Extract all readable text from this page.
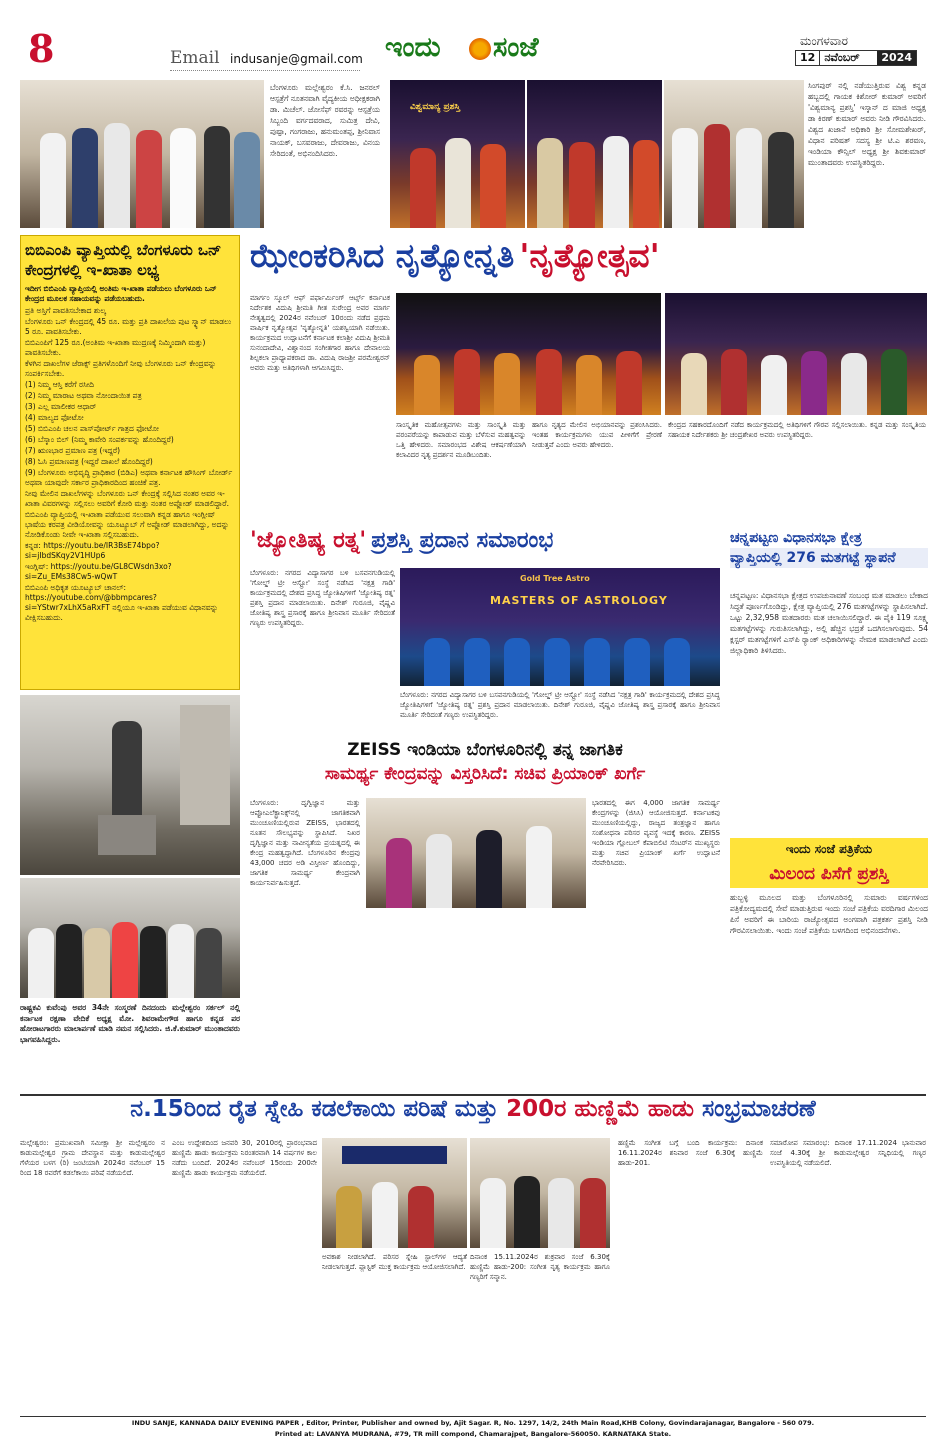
8	Email indusanje@gmail.com ಇಂದು ಸಂಜೆ	ಮಂಗಳವಾರ
12 ನವೆಂಬರ್	2024
ಬೆಂಗಳೂರು ಮಲ್ಲೇಶ್ವರಂ ಕೆ.ಸಿ. ಜನರಲ್ ಆಸ್ಪತ್ರೆಗೆ ನೂತನವಾಗಿ ವೈದ್ಯಕೀಯ ಅಧೀಕ್ಷಕರಾಗಿ ಡಾ. ಮಿಚೆಲ್. ಜೋಸೆಫ್ ರವರನ್ನು ಆಸ್ಪತ್ರೆಯ ಸಿಬ್ಬಂದಿ ವರ್ಗದವರಾದ, ಸುಮಿತ್ರ ದೇವಿ, ಪುಷ್ಪಾ, ಗಂಗರಾಜು, ಹನುಮಂತಪ್ಪ, ಶ್ರೀನಿವಾಸ ನಾಯಕ್, ಬಸವರಾಜು, ದೇವರಾಜು, ವಿನಯ ಸೇರಿದಂತೆ, ಅಭಿನಂದಿಸಿದರು.
ವಿಶ್ವಮಾನ್ಯ ಪ್ರಶಸ್ತಿ
ಸಿಂಗಪುರ್ ನಲ್ಲಿ ನಡೆಯುತ್ತಿರುವ ವಿಶ್ವ ಕನ್ನಡ ಹಬ್ಬದಲ್ಲಿ ಗಾಯಕ ಕಿಶೋರ್ ಕುಮಾರ್ ಅವರಿಗೆ 'ವಿಶ್ವಮಾನ್ಯ ಪ್ರಶಸ್ತಿ' ಇಸ್ಕಾನ್ ದ ಮಾಜಿ ಅಧ್ಯಕ್ಷ ಡಾ ಕಿರಣ್ ಕುಮಾರ್ ಅವರು ನೀಡಿ ಗೌರವಿಸಿದರು. ವಿಶ್ವದ ಖಜಾನೆ ಅಧಿಕಾರಿ ಶ್ರೀ ಸೋಮಶೇಖರ್, ವಿಧಾನ ಪರಿಷತ್ ಸದಸ್ಯ ಶ್ರೀ ಟಿ.ಎ ಶರವಣ, ಇಂಡಿಯಾ ಕೌನ್ಸಿಲ್ ಅಧ್ಯಕ್ಷ ಶ್ರೀ ಶಿವಕುಮಾರ್ ಮುಂತಾದವರು ಉಪಸ್ಥಿತರಿದ್ದರು.
ಬಿಬಿಎಂಪಿ ವ್ಯಾಪ್ತಿಯಲ್ಲಿ ಬೆಂಗಳೂರು ಒನ್ ಕೇಂದ್ರಗಳಲ್ಲಿ ಇ-ಖಾತಾ ಲಭ್ಯ
ಇದೀಗ ಬಿಬಿಎಂಪಿ ವ್ಯಾಪ್ತಿಯಲ್ಲಿ ಅಂತಿಮ ಇ-ಖಾತಾ ಪಡೆಯಲು ಬೆಂಗಳೂರು ಒನ್ ಕೇಂದ್ರದ ಮೂಲಕ ಸಹಾಯವನ್ನು ಪಡೆಯಬಹುದು.
ಪ್ರತಿ ಅಸ್ತಿಗೆ ಪಾವತಿಸಬೇಕಾದ ಶುಲ್ಕ
ಬೆಂಗಳೂರು ಒನ್ ಕೇಂದ್ರದಲ್ಲಿ 45 ರೂ. ಮತ್ತು ಪ್ರತಿ ದಾಖಲೆಯ ಪುಟ ಸ್ಕ್ಯಾನ್ ಮಾಡಲು 5 ರೂ. ಪಾವತಿಸಬೇಕು.
ಬಿಬಿಎಂಪಿಗೆ 125 ರೂ.(ಅಂತಿಮ ಇ-ಖಾತಾ ಮುದ್ರಣಕ್ಕೆ ನಿಮ್ಮಿಂದಾಗಿ ಮತ್ತು) ಪಾವತಿಸಬೇಕು.
ಕೆಳಗಿನ ದಾಖಲೆಗಳ ಜೆರಾಕ್ಸ್ ಪ್ರತಿಗಳೊಂದಿಗೆ ನೀವು ಬೆಂಗಳೂರು ಒನ್ ಕೇಂದ್ರವನ್ನು ಸಂಪರ್ಕಿಸಬೇಕು.
(1) ನಿಮ್ಮ ಆಸ್ತಿ ಕರೆಗೆ ರಸೀದಿ
(2) ನಿಮ್ಮ ಮಾರಾಟ ಅಥವಾ ನೋಂದಾಯಿತ ಪತ್ರ
(3) ಎಲ್ಲ ಮಾಲೀಕರ ಆಧಾರ್
(4) ಮಾಲ್ಯದ ಫೋಟೋ
(5) ಬಿಬಿಎಂಪಿ ಚಲನ ಪಾಸ್‌ಪೋರ್ಟ್ ಗಾತ್ರದ ಫೋಟೋ
(6) ಬೆಸ್ಕಾಂ ಬಿಲ್ (ನಿಮ್ಮ ಕಾವೇರಿ ಸಂಪರ್ಕವನ್ನು ಹೊಂದಿದ್ದರೆ)
(7) ಋಣಭಾರ ಪ್ರಮಾಣ ಪತ್ರ (ಇದ್ದರೆ)
(8) ಓಸಿ ಪ್ರಮಾಣಪತ್ರ (ಇದ್ದರೆ ದಾಖಲೆ ಹೊಂದಿದ್ದರೆ)
(9) ಬೆಂಗಳೂರು ಅಭಿವೃದ್ಧಿ ಪ್ರಾಧಿಕಾರ (ಬಿಡಿಎ) ಅಥವಾ ಕರ್ನಾಟಕ ಹೌಸಿಂಗ್ ಬೋರ್ಡ್ ಅಥವಾ ಯಾವುದೇ ಸರ್ಕಾರ ಪ್ರಾಧಿಕಾರದಿಂದ ಹಂಚಿಕೆ ಪತ್ರ.
ನೀವು ಮೇಲಿನ ದಾಖಲೆಗಳನ್ನು ಬೆಂಗಳೂರು ಒನ್ ಕೇಂದ್ರಕ್ಕೆ ಸಲ್ಲಿಸಿದ ನಂತರ ಅವರ ಇ-ಖಾತಾ ವಿವರಗಳನ್ನು ಸಲ್ಲಿಸಲು ಅವರಿಗೆ ಕೋರಿ ಮತ್ತು ನಂತರ ಅಪ್ಲೋಡ್ ಮಾಡಲಿದ್ದಾರೆ.
ಬಿಬಿಎಂಪಿ ವ್ಯಾಪ್ತಿಯಲ್ಲಿ ಇ-ಖಾತಾ ಪಡೆಯುವ ಸಲುವಾಗಿ ಕನ್ನಡ ಹಾಗೂ ಇಂಗ್ಲೀಷ್ ಭಾಷೆಯ ಕರಪತ್ರ ವೀಡಿಯೋವನ್ನು ಯೂಟ್ಯೂಬ್ ಗೆ ಅಪ್ಲೋಡ್ ಮಾಡಲಾಗಿದ್ದು, ಅದನ್ನು ನೋಡಿಕೊಂಡು ನೀವೇ ಇ-ಖಾತಾ ಸಲ್ಲಿಸಬಹುದು.
ಕನ್ನಡ: https://youtu.be/IR3BsE74bpo?si=jIbdSKqy2V1HUp6
ಇಂಗ್ಲಿಷ್: https://youtu.be/GL8CWsdn3xo?si=Zu_EMs38Cw5-wQwT
ಬಿಬಿಎಂಪಿ ಅಧಿಕೃತ ಯೂಟ್ಯೂಬ್ ಚಾನಲ್: https://youtube.com/@bbmpcares?si=YStwr7xLhX5aRxFT ನಲ್ಲಿಯೂ ಇ-ಖಾತಾ ಪಡೆಯುವ ವಿಧಾನವನ್ನು ವೀಕ್ಷಿಸಬಹುದು.
ಝೇಂಕರಿಸಿದ ನೃತ್ಯೋನ್ನತಿ 'ನೃತ್ಯೋತ್ಸವ'
ಮಾರ್ಗಂ ಸ್ಕೂಲ್ ಆಫ್ ಪರ್ಫಾರ್ಮಿಂಗ್ ಆರ್ಟ್ಸ್ ಕರ್ನಾಟಕ ನಿರ್ದೇಶಕ ವಿದುಷಿ ಶ್ರೀಮತಿ ಗೀತ ಸುರೇಂದ್ರ ಅವರ ಮಾರ್ಗ ನೇತೃತ್ವದಲ್ಲಿ 2024ರ ನವೆಂಬರ್ 10ರಂದು ನಡೆದ ಪ್ರಥಮ ವಾರ್ಷಿಕ ನೃತ್ಯೋತ್ಸವ 'ನೃತ್ಯೋನ್ನತಿ' ಯಶಸ್ವಿಯಾಗಿ ನಡೆಯಿತು. ಕಾರ್ಯಕ್ರಮದ ಉದ್ಘಾಟನೆಗೆ ಕರ್ನಾಟಕ ಕಲಾಶ್ರೀ ವಿದುಷಿ ಶ್ರೀಮತಿ ಸುನಂದಾದೇವಿ, ವಿಶ್ವಾನಂದ ಸಂಗೀತಗಾರ ಹಾಗೂ ದೇವಾಲಯ ಶಿಲ್ಪಕಲಾ ಪ್ರಾಧ್ಯಾಪಕರಾದ ಡಾ. ವಿದುಷಿ ರಾಜಶ್ರೀ ಪರಮೇಶ್ವರನ್ ಅವರು ಮತ್ತು ಅತಿಥಿಗಳಾಗಿ ಆಗಮಿಸಿದ್ದರು.
ಸಾಂಸ್ಕೃತಿಕ ಮಹೋತ್ಸವಗಳು ಮತ್ತು ಸಾಂಸ್ಕೃತಿ ಮತ್ತು ಪರಂಪರೆಯನ್ನು ಕಾಪಾಡುವ ಮತ್ತು ಬೆಳೆಸುವ ಮಹತ್ವವನ್ನು ಒತ್ತಿ ಹೇಳಿದರು. ಸಮಾರಂಭದ ವಿಶೇಷ ಆಕರ್ಷಣೆಯಾಗಿ ಕಲಾವಿದರ ನೃತ್ಯ ಪ್ರದರ್ಶನ ಮೂಡಿಬಂದಿತು.
ಹಾಗೂ ನೃತ್ಯದ ಮೇಲಿನ ಅಭಿಯಾನವನ್ನು ಪ್ರಶಂಸಿಸಿದರು. ಇಂತಹ ಕಾರ್ಯಕ್ರಮಗಳು ಯುವ ಪೀಳಿಗೆಗೆ ಪ್ರೇರಣೆ ನೀಡುತ್ತವೆ ಎಂದು ಅವರು ಹೇಳಿದರು.
ಕೇಂದ್ರದ ಸಹಕಾರದೊಂದಿಗೆ ನಡೆದ ಕಾರ್ಯಕ್ರಮದಲ್ಲಿ ಅತಿಥಿಗಳಿಗೆ ಗೌರವ ಸಲ್ಲಿಸಲಾಯಿತು. ಕನ್ನಡ ಮತ್ತು ಸಂಸ್ಕೃತಿಯ ಸಹಾಯಕ ನಿರ್ದೇಶಕರು ಶ್ರೀ ಚಂದ್ರಶೇಖರ ಅವರು ಉಪಸ್ಥಿತರಿದ್ದರು.
'ಜ್ಯೋತಿಷ್ಯ ರತ್ನ' ಪ್ರಶಸ್ತಿ ಪ್ರದಾನ ಸಮಾರಂಭ
ಬೆಂಗಳೂರು: ನಗರದ ವಿದ್ಯಾಸಾಗರ ಬಳಿ ಬಸವನಗುಡಿಯಲ್ಲಿ 'ಗೋಲ್ಡ್ ಟ್ರೀ ಆಸ್ಟ್ರೋ' ಸಂಸ್ಥೆ ನಡೆಸಿದ 'ನಕ್ಷತ್ರ ಗಾಡಿ' ಕಾರ್ಯಕ್ರಮದಲ್ಲಿ ದೇಶದ ಪ್ರಸಿದ್ಧ ಜ್ಯೋತಿಷಿಗಳಿಗೆ 'ಜ್ಯೋತಿಷ್ಯ ರತ್ನ' ಪ್ರಶಸ್ತಿ ಪ್ರದಾನ ಮಾಡಲಾಯಿತು. ದಿನೇಶ್ ಗುರೂಜಿ, ವೈಷ್ಣವಿ ಜೋತಿಷ್ಯ ಶಾಸ್ತ್ರ ಪ್ರಸಾರಕ್ಕೆ ಹಾಗೂ ಶ್ರೀನಿವಾಸ ಮೂರ್ತಿ ಸೇರಿದಂತೆ ಗಣ್ಯರು ಉಪಸ್ಥಿತರಿದ್ದರು.
Gold Tree Astro
MASTERS OF ASTROLOGY
ಬೆಂಗಳೂರು: ನಗರದ ವಿದ್ಯಾಸಾಗರ ಬಳಿ ಬಸವನಗುಡಿಯಲ್ಲಿ 'ಗೋಲ್ಡ್ ಟ್ರೀ ಆಸ್ಟ್ರೋ' ಸಂಸ್ಥೆ ನಡೆಸಿದ 'ನಕ್ಷತ್ರ ಗಾಡಿ' ಕಾರ್ಯಕ್ರಮದಲ್ಲಿ ದೇಶದ ಪ್ರಸಿದ್ಧ ಜ್ಯೋತಿಷಿಗಳಿಗೆ 'ಜ್ಯೋತಿಷ್ಯ ರತ್ನ' ಪ್ರಶಸ್ತಿ ಪ್ರದಾನ ಮಾಡಲಾಯಿತು. ದಿನೇಶ್ ಗುರೂಜಿ, ವೈಷ್ಣವಿ ಜೋತಿಷ್ಯ ಶಾಸ್ತ್ರ ಪ್ರಸಾರಕ್ಕೆ ಹಾಗೂ ಶ್ರೀನಿವಾಸ ಮೂರ್ತಿ ಸೇರಿದಂತೆ ಗಣ್ಯರು ಉಪಸ್ಥಿತರಿದ್ದರು.
ಚನ್ನಪಟ್ಟಣ ವಿಧಾನಸಭಾ ಕ್ಷೇತ್ರ
ವ್ಯಾಪ್ತಿಯಲ್ಲಿ 276 ಮತಗಟ್ಟೆ ಸ್ಥಾಪನೆ
ಚನ್ನಪಟ್ಟಣ: ವಿಧಾನಸಭಾ ಕ್ಷೇತ್ರದ ಉಪಚುನಾವಣೆ ಸಂಬಂಧ ಮತ ಮಾಡಲು ಬೇಕಾದ ಸಿದ್ಧತೆ ಪೂರ್ಣಗೊಂಡಿದ್ದು, ಕ್ಷೇತ್ರ ವ್ಯಾಪ್ತಿಯಲ್ಲಿ 276 ಮತಗಟ್ಟೆಗಳನ್ನು ಸ್ಥಾಪಿಸಲಾಗಿದೆ. ಒಟ್ಟು 2,32,958 ಮತದಾರರು ಮತ ಚಲಾಯಿಸಲಿದ್ದಾರೆ. ಈ ಪೈಕಿ 119 ಸೂಕ್ಷ್ಮ ಮತಗಟ್ಟೆಗಳನ್ನು ಗುರುತಿಸಲಾಗಿದ್ದು, ಅಲ್ಲಿ ಹೆಚ್ಚಿನ ಭದ್ರತೆ ಒದಗಿಸಲಾಗುವುದು. 54 ಕ್ಲಸ್ಟರ್ ಮತಗಟ್ಟೆಗಳಿಗೆ ಎಸ್‌ಪಿ ರ‍್ಯಾಂಕ್ ಅಧಿಕಾರಿಗಳನ್ನು ನೇಮಕ ಮಾಡಲಾಗಿದೆ ಎಂದು ಜಿಲ್ಲಾಧಿಕಾರಿ ತಿಳಿಸಿದರು.
ZEISS ಇಂಡಿಯಾ ಬೆಂಗಳೂರಿನಲ್ಲಿ ತನ್ನ ಜಾಗತಿಕ
ಸಾಮರ್ಥ್ಯ ಕೇಂದ್ರವನ್ನು ವಿಸ್ತರಿಸಿದೆ: ಸಚಿವ ಪ್ರಿಯಾಂಕ್ ಖರ್ಗೆ
ಬೆಂಗಳೂರು: ದೃಗ್ವಿಜ್ಞಾನ ಮತ್ತು ಆಪ್ಟೋಎಲೆಕ್ಟ್ರಾನಿಕ್ಸ್‌ನಲ್ಲಿ ಜಾಗತಿಕವಾಗಿ ಮುಂಚೂಣಿಯಲ್ಲಿರುವ ZEISS, ಭಾರತದಲ್ಲಿ ನೂತನ ಸೌಲಭ್ಯವನ್ನು ಸ್ಥಾಪಿಸಿದೆ. ನಿಖರ ದೃಗ್ವಿಜ್ಞಾನ ಮತ್ತು ನಾವೀನ್ಯತೆಯ ಪ್ರಯತ್ನದಲ್ಲಿ ಈ ಕೇಂದ್ರ ಮಹತ್ವದ್ದಾಗಿದೆ. ಬೆಂಗಳೂರಿನ ಕೇಂದ್ರವು 43,000 ಚದರ ಅಡಿ ವಿಸ್ತೀರ್ಣ ಹೊಂದಿದ್ದು, ಜಾಗತಿಕ ಸಾಮರ್ಥ್ಯ ಕೇಂದ್ರವಾಗಿ ಕಾರ್ಯನಿರ್ವಹಿಸುತ್ತದೆ.
ಭಾರತದಲ್ಲಿ ಈಗ 4,000 ಜಾಗತಿಕ ಸಾಮರ್ಥ್ಯ ಕೇಂದ್ರಗಳನ್ನು (ಜಿಸಿಸಿ) ಆಯೋಜಿಸುತ್ತದೆ. ಕರ್ನಾಟಕವು ಮುಂಚೂಣಿಯಲ್ಲಿದ್ದು, ರಾಜ್ಯದ ತಂತ್ರಜ್ಞಾನ ಹಾಗೂ ಸಂಶೋಧನಾ ಪರಿಸರ ವ್ಯವಸ್ಥೆ ಇದಕ್ಕೆ ಕಾರಣ. ZEISS ಇಂಡಿಯಾ ಗ್ಲೋಬಲ್ ಕೆಪಾಬಿಲಿಟಿ ಸೆಂಟರ್‌ನ ಮುಖ್ಯಸ್ಥರು ಮತ್ತು ಸಚಿವ ಪ್ರಿಯಾಂಕ್ ಖರ್ಗೆ ಉದ್ಘಾಟನೆ ನೆರವೇರಿಸಿದರು.
ರಾಷ್ಟ್ರಕವಿ ಕುವೆಂಪು ಅವರ 34ನೇ ಸಂಸ್ಮರಣೆ ದಿನದಂದು ಮಲ್ಲೇಶ್ವರಂ ಸರ್ಕಲ್ ನಲ್ಲಿ ಕರ್ನಾಟಕ ರಕ್ಷಣಾ ವೇದಿಕೆ ಅಧ್ಯಕ್ಷ ಮೋ. ಶಿವರಾಮೇಗೌಡ ಹಾಗೂ ಕನ್ನಡ ಪರ ಹೋರಾಟಗಾರರು ಮಾಲಾರ್ಪಣೆ ಮಾಡಿ ನಮನ ಸಲ್ಲಿಸಿದರು. ಜಿ.ಕೆ.ಕುಮಾರ್ ಮುಂತಾದವರು ಭಾಗವಹಿಸಿದ್ದರು.
ಇಂದು ಸಂಜೆ ಪತ್ರಿಕೆಯ
ಮಿಲಂದ ಪಿಸೆಗೆ ಪ್ರಶಸ್ತಿ
ಹುಬ್ಬಳ್ಳಿ ಮೂಲದ ಮತ್ತು ಬೆಂಗಳೂರಿನಲ್ಲಿ ಸುಮಾರು ವರ್ಷಗಳಿಂದ ಪತ್ರಿಕೋದ್ಯಮದಲ್ಲಿ ಸೇವೆ ಮಾಡುತ್ತಿರುವ ಇಂದು ಸಂಜೆ ಪತ್ರಿಕೆಯ ವರದಿಗಾರ ಮಿಲಂದ ಪಿಸೆ ಅವರಿಗೆ ಈ ಬಾರಿಯ ರಾಜ್ಯೋತ್ಸವದ ಅಂಗವಾಗಿ ಪತ್ರಕರ್ತ ಪ್ರಶಸ್ತಿ ನೀಡಿ ಗೌರವಿಸಲಾಯಿತು. ಇಂದು ಸಂಜೆ ಪತ್ರಿಕೆಯ ಬಳಗದಿಂದ ಅಭಿನಂದನೆಗಳು.
ನ.15ರಿಂದ ರೈತ ಸ್ನೇಹಿ ಕಡಲೆಕಾಯಿ ಪರಿಷೆ ಮತ್ತು 200ರ ಹುಣ್ಣಿಮೆ ಹಾಡು ಸಂಭ್ರಮಾಚರಣೆ
ಮಲ್ಲೇಶ್ವರಂ: ಪ್ರಮುಖವಾಗಿ ಸಮೀಕ್ಷಾ ಶ್ರೀ ಮಲ್ಲೇಶ್ವರಂ ನ ಕಾಡುಮಲ್ಲೇಶ್ವರ ಗ್ರಾಮ ದೇವಸ್ಥಾನ ಮತ್ತು ಕಾಡುಮಲ್ಲೇಶ್ವರ ಗೆಳೆಯರ ಬಳಗ (ರಿ) ಜಂಟಿಯಾಗಿ 2024ರ ನವೆಂಬರ್ 15 ರಿಂದ 18 ರವರೆಗೆ ಕಡಲೆಕಾಯಿ ಪರಿಷೆ ನಡೆಯಲಿದೆ.
ಎಂಬ ಉದ್ದೇಶದಿಂದ ಜನವರಿ 30, 2010ರಲ್ಲಿ ಪ್ರಾರಂಭವಾದ ಹುಣ್ಣಿಮೆ ಹಾಡು ಕಾರ್ಯಕ್ರಮ ನಿರಂತರವಾಗಿ 14 ವರ್ಷಗಳ ಕಾಲ ನಡೆದು ಬಂದಿದೆ. 2024ರ ನವೆಂಬರ್ 15ರಂದು 200ನೇ ಹುಣ್ಣಿಮೆ ಹಾಡು ಕಾರ್ಯಕ್ರಮ ನಡೆಯಲಿದೆ.
ಅವಕಾಶ ನೀಡಲಾಗಿದೆ. ಪರಿಸರ ಸ್ನೇಹಿ ಸ್ಟಾಲ್‌ಗಳ ಆದ್ಯತೆ ನೀಡಲಾಗುತ್ತದೆ. ಪ್ಲಾಸ್ಟಿಕ್ ಮುಕ್ತ ಕಾರ್ಯಕ್ರಮ ಆಯೋಜಿಸಲಾಗಿದೆ.
ದಿನಾಂಕ 15.11.2024ರ ಶುಕ್ರವಾರ ಸಂಜೆ 6.30ಕ್ಕೆ ಹುಣ್ಣಿಮೆ ಹಾಡು-200: ಸಂಗೀತ ನೃತ್ಯ ಕಾರ್ಯಕ್ರಮ ಹಾಗೂ ಗಣ್ಯರಿಗೆ ಸನ್ಮಾನ.
ಹಣ್ಣಿಮೆ ಸಂಗೀತ ಬಗ್ಗೆ ಬಂದಿ ಕಾರ್ಯಕ್ರಮ: ದಿನಾಂಕ 16.11.2024ರ ಶನಿವಾರ ಸಂಜೆ 6.30ಕ್ಕೆ ಹುಣ್ಣಿಮೆ ಹಾಡು-201.
ಸಮಾರೋಪ ಸಮಾರಂಭ: ದಿನಾಂಕ 17.11.2024 ಭಾನುವಾರ ಸಂಜೆ 4.30ಕ್ಕೆ ಶ್ರೀ ಕಾಡುಮಲ್ಲೇಶ್ವರ ಸನ್ನಿಧಿಯಲ್ಲಿ ಗಣ್ಯರ ಉಪಸ್ಥಿತಿಯಲ್ಲಿ ನಡೆಯಲಿದೆ.
INDU SANJE, KANNADA DAILY EVENING PAPER , Editor, Printer, Publisher and owned by, Ajit Sagar. R, No. 1297, 14/2, 24th Main Road,KHB Colony, Govindarajanagar, Bangalore - 560 079.
Printed at: LAVANYA MUDRANA, #79, TR mill compond, Chamarajpet, Bangalore-560050. KARNATAKA State.
